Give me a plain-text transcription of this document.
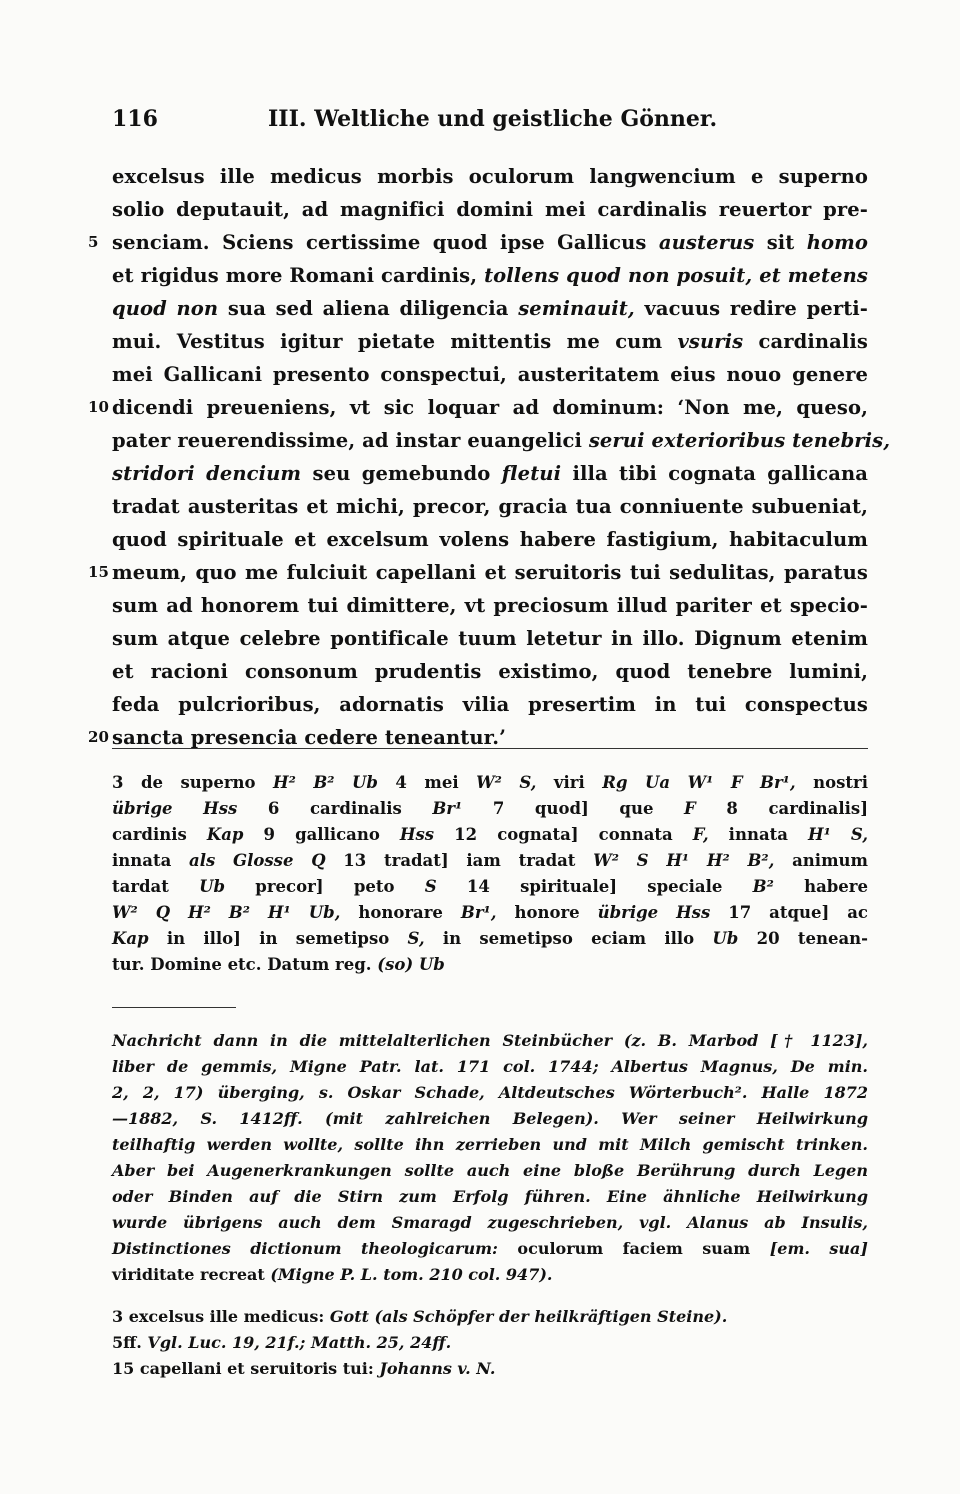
116	III. Weltliche und geistliche Gönner.
excelsus ille medicus morbis oculorum langwencium e superno
solio deputauit, ad magnifici domini mei cardinalis reuertor pre-
5 senciam. Sciens certissime quod ipse Gallicus austerus sit homo
et rigidus more Romani cardinis, tollens quod non posuit, et metens
quod non sua sed aliena diligencia seminauit, vacuus redire perti-
mui. Vestitus igitur pietate mittentis me cum vsuris cardinalis
mei Gallicani presento conspectui, austeritatem eius nouo genere
10 dicendi preueniens, vt sic loquar ad dominum: ‘Non me, queso,
pater reuerendissime, ad instar euangelici serui exterioribus tenebris,
stridori dencium seu gemebundo fletui illa tibi cognata gallicana
tradat austeritas et michi, precor, gracia tua conniuente subueniat,
quod spirituale et excelsum volens habere fastigium, habitaculum
15 meum, quo me fulciuit capellani et seruitoris tui sedulitas, paratus
sum ad honorem tui dimittere, vt preciosum illud pariter et specio-
sum atque celebre pontificale tuum letetur in illo. Dignum etenim
et racioni consonum prudentis existimo, quod tenebre lumini,
feda pulcrioribus, adornatis vilia presertim in tui conspectus
20 sancta presencia cedere teneantur.’
3 de superno H² B² Ub 4 mei W² S, viri Rg Ua W¹ F Br¹, nostri
übrige Hss 6 cardinalis Br¹ 7 quod] que F 8 cardinalis]
cardinis Kap 9 gallicano Hss 12 cognata] connata F, innata H¹ S,
innata als Glosse Q 13 tradat] iam tradat W² S H¹ H² B², animum
tardat Ub precor] peto S 14 spirituale] speciale B² habere
W² Q H² B² H¹ Ub, honorare Br¹, honore übrige Hss 17 atque] ac
Kap in illo] in semetipso S, in semetipso eciam illo Ub 20 tenean-
tur. Domine etc. Datum reg. (so) Ub
Nachricht dann in die mittelalterlichen Steinbücher (z. B. Marbod [† 1123],
liber de gemmis, Migne Patr. lat. 171 col. 1744; Albertus Magnus, De min.
2, 2, 17) überging, s. Oskar Schade, Altdeutsches Wörterbuch². Halle 1872
—1882, S. 1412ff. (mit zahlreichen Belegen). Wer seiner Heilwirkung
teilhaftig werden wollte, sollte ihn zerrieben und mit Milch gemischt trinken.
Aber bei Augenerkrankungen sollte auch eine bloße Berührung durch Legen
oder Binden auf die Stirn zum Erfolg führen. Eine ähnliche Heilwirkung
wurde übrigens auch dem Smaragd zugeschrieben, vgl. Alanus ab Insulis,
Distinctiones dictionum theologicarum: oculorum faciem suam [em. sua]
viriditate recreat (Migne P. L. tom. 210 col. 947).
3 excelsus ille medicus: Gott (als Schöpfer der heilkräftigen Steine).
5ff. Vgl. Luc. 19, 21f.; Matth. 25, 24ff.
15 capellani et seruitoris tui: Johanns v. N.
